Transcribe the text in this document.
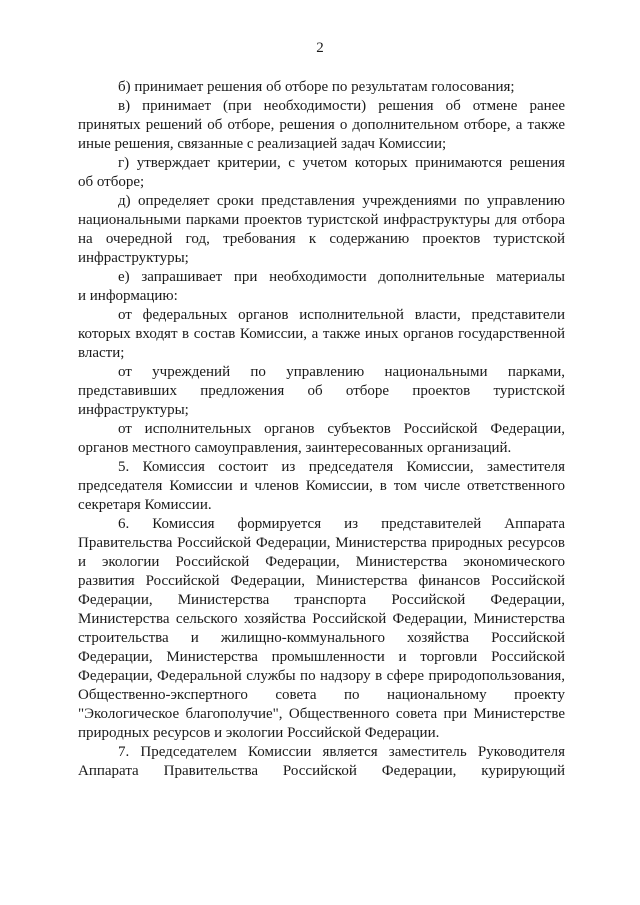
2
б) принимает решения об отборе по результатам голосования;
в) принимает (при необходимости) решения об отмене ранее
принятых решений об отборе, решения о дополнительном отборе, а также
иные решения, связанные с реализацией задач Комиссии;
г) утверждает критерии, с учетом которых принимаются решения
об отборе;
д) определяет сроки представления учреждениями по управлению
национальными парками проектов туристской инфраструктуры для отбора
на очередной год, требования к содержанию проектов туристской
инфраструктуры;
е) запрашивает при необходимости дополнительные материалы
и информацию:
от федеральных органов исполнительной власти, представители
которых входят в состав Комиссии, а также иных органов государственной
власти;
от учреждений по управлению национальными парками,
представивших предложения об отборе проектов туристской
инфраструктуры;
от исполнительных органов субъектов Российской Федерации,
органов местного самоуправления, заинтересованных организаций.
5. Комиссия состоит из председателя Комиссии, заместителя
председателя Комиссии и членов Комиссии, в том числе ответственного
секретаря Комиссии.
6. Комиссия формируется из представителей Аппарата
Правительства Российской Федерации, Министерства природных ресурсов
и экологии Российской Федерации, Министерства экономического
развития Российской Федерации, Министерства финансов Российской
Федерации, Министерства транспорта Российской Федерации,
Министерства сельского хозяйства Российской Федерации, Министерства
строительства и жилищно-коммунального хозяйства Российской
Федерации, Министерства промышленности и торговли Российской
Федерации, Федеральной службы по надзору в сфере природопользования,
Общественно-экспертного совета по национальному проекту
"Экологическое благополучие", Общественного совета при Министерстве
природных ресурсов и экологии Российской Федерации.
7. Председателем Комиссии является заместитель Руководителя
Аппарата Правительства Российской Федерации, курирующий
